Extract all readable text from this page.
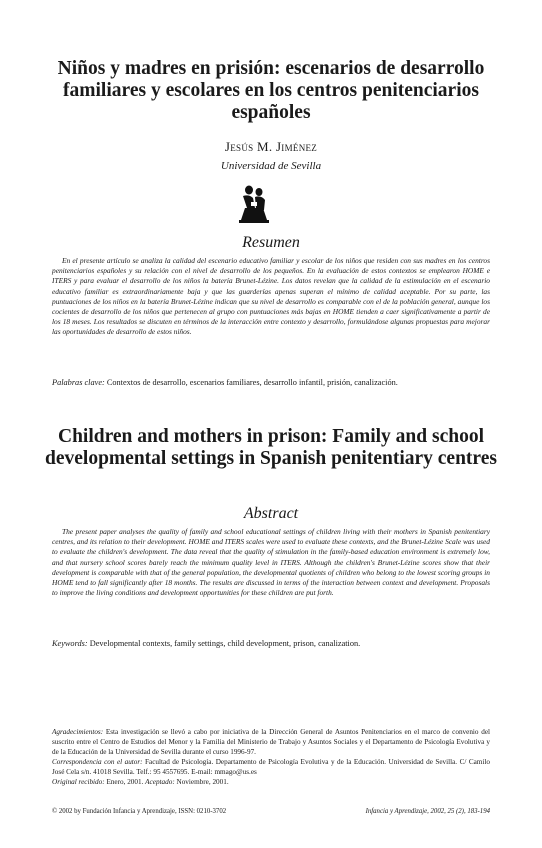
Niños y madres en prisión: escenarios de desarrollo familiares y escolares en los centros penitenciarios españoles
Jesús M. Jiménez
Universidad de Sevilla
Resumen
En el presente artículo se analiza la calidad del escenario educativo familiar y escolar de los niños que residen con sus madres en los centros penitenciarios españoles y su relación con el nivel de desarrollo de los pequeños. En la evaluación de estos contextos se emplearon HOME e ITERS y para evaluar el desarrollo de los niños la batería Brunet-Lézine. Los datos revelan que la calidad de la estimulación en el escenario educativo familiar es extraordinariamente baja y que las guarderías apenas superan el mínimo de calidad aceptable. Por su parte, las puntuaciones de los niños en la batería Brunet-Lézine indican que su nivel de desarrollo es comparable con el de la población general, aunque los cocientes de desarrollo de los niños que pertenecen al grupo con puntuaciones más bajas en HOME tienden a caer significativamente a partir de los 18 meses. Los resultados se discuten en términos de la interacción entre contexto y desarrollo, formulándose algunas propuestas para mejorar las oportunidades de desarrollo de estos niños.
Palabras clave: Contextos de desarrollo, escenarios familiares, desarrollo infantil, prisión, canalización.
Children and mothers in prison: Family and school developmental settings in Spanish penitentiary centres
Abstract
The present paper analyses the quality of family and school educational settings of children living with their mothers in Spanish penitentiary centres, and its relation to their development. HOME and ITERS scales were used to evaluate these contexts, and the Brunet-Lézine Scale was used to evaluate the children's development. The data reveal that the quality of stimulation in the family-based education environment is extremely low, and that nursery school scores barely reach the minimum quality level in ITERS. Although the children's Brunet-Lézine scores show that their development is comparable with that of the general population, the developmental quotients of children who belong to the lowest scoring groups in HOME tend to fall significantly after 18 months. The results are discussed in terms of the interaction between context and development. Proposals to improve the living conditions and development opportunities for these children are put forth.
Keywords: Developmental contexts, family settings, child development, prison, canalization.

Agradecimientos: Esta investigación se llevó a cabo por iniciativa de la Dirección General de Asuntos Penitenciarios en el marco de convenio del suscrito entre el Centro de Estudios del Menor y la Familia del Ministerio de Trabajo y Asuntos Sociales y el Departamento de Psicología Evolutiva y de la Educación de la Universidad de Sevilla durante el curso 1996-97.

Correspondencia con el autor: Facultad de Psicología. Departamento de Psicología Evolutiva y de la Educación. Universidad de Sevilla. C/ Camilo José Cela s/n. 41018 Sevilla. Telf.: 95 4557695. E-mail: mmago@us.es

Original recibido: Enero, 2001. Aceptado: Noviembre, 2001.

© 2002 by Fundación Infancia y Aprendizaje, ISSN: 0210-3702	Infancia y Aprendizaje, 2002, 25 (2), 183-194
